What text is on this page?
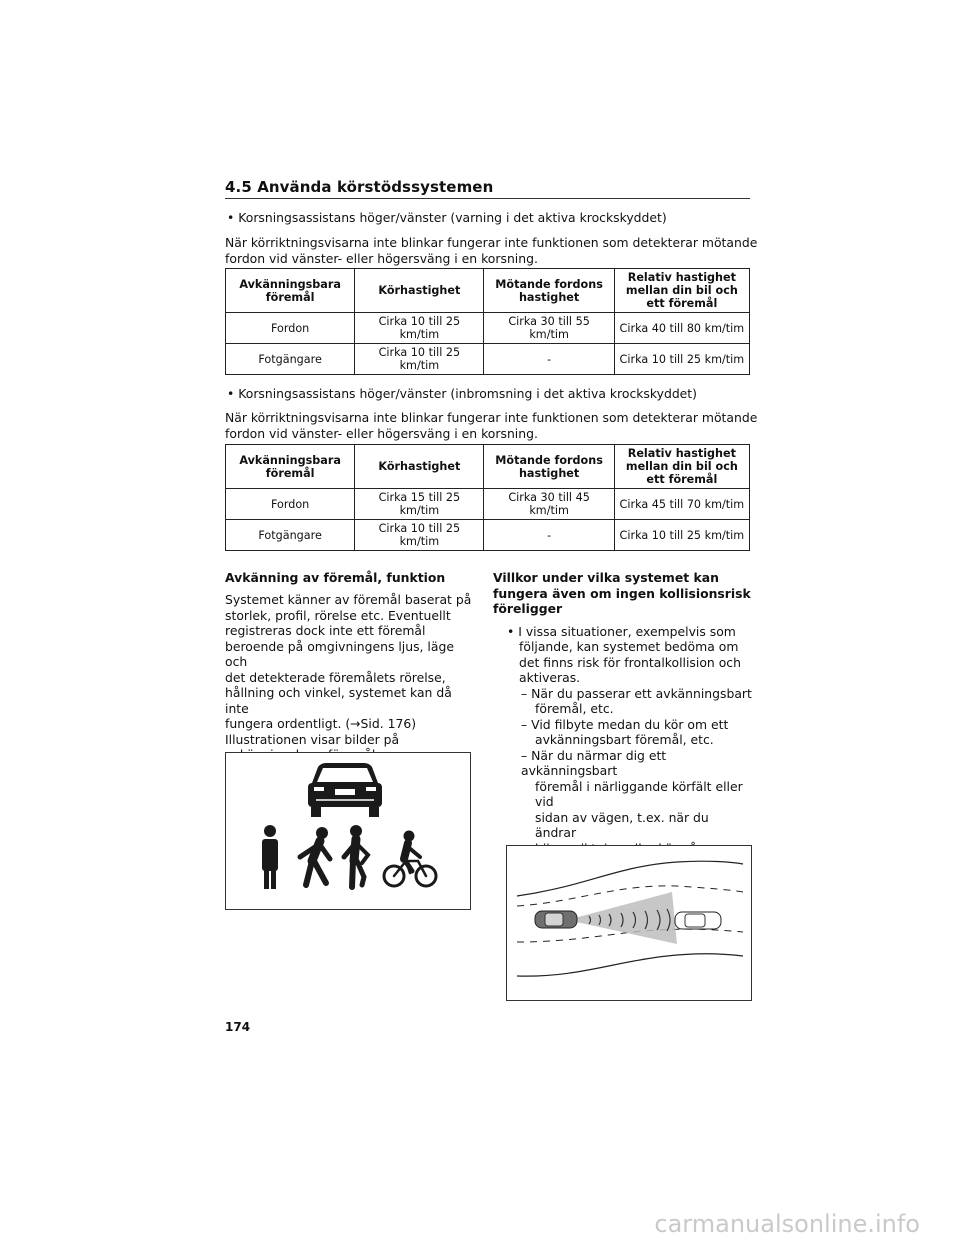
4.5 Använda körstödssystemen
• Korsningsassistans höger/vänster (varning i det aktiva krockskyddet)
När körriktningsvisarna inte blinkar fungerar inte funktionen som detekterar mötande
fordon vid vänster- eller högersväng i en korsning.
Avkänningsbara föremål	Körhastighet	Mötande fordons hastighet	Relativ hastighet mellan din bil och ett föremål
Fordon	Cirka 10 till 25 km/tim	Cirka 30 till 55 km/tim	Cirka 40 till 80 km/tim
Fotgängare	Cirka 10 till 25 km/tim	-	Cirka 10 till 25 km/tim
• Korsningsassistans höger/vänster (inbromsning i det aktiva krockskyddet)
När körriktningsvisarna inte blinkar fungerar inte funktionen som detekterar mötande
fordon vid vänster- eller högersväng i en korsning.
Avkänningsbara föremål	Körhastighet	Mötande fordons hastighet	Relativ hastighet mellan din bil och ett föremål
Fordon	Cirka 15 till 25 km/tim	Cirka 30 till 45 km/tim	Cirka 45 till 70 km/tim
Fotgängare	Cirka 10 till 25 km/tim	-	Cirka 10 till 25 km/tim
Avkänning av föremål, funktion
Systemet känner av föremål baserat på
storlek, profil, rörelse etc. Eventuellt
registreras dock inte ett föremål
beroende på omgivningens ljus, läge och
det detekterade föremålets rörelse,
hållning och vinkel, systemet kan då inte
fungera ordentligt. (→Sid. 176)
Illustrationen visar bilder på
Villkor under vilka systemet kan
fungera även om ingen kollisionsrisk
föreligger
• I vissa situationer, exempelvis som
följande, kan systemet bedöma om
det finns risk för frontalkollision och
aktiveras.
– När du passerar ett avkänningsbart
föremål, etc.
– Vid filbyte medan du kör om ett
avkänningsbart föremål, etc.
– När du närmar dig ett avkänningsbart
föremål i närliggande körfält eller vid
sidan av vägen, t.ex. när du ändrar
174
carmanualsonline.info
